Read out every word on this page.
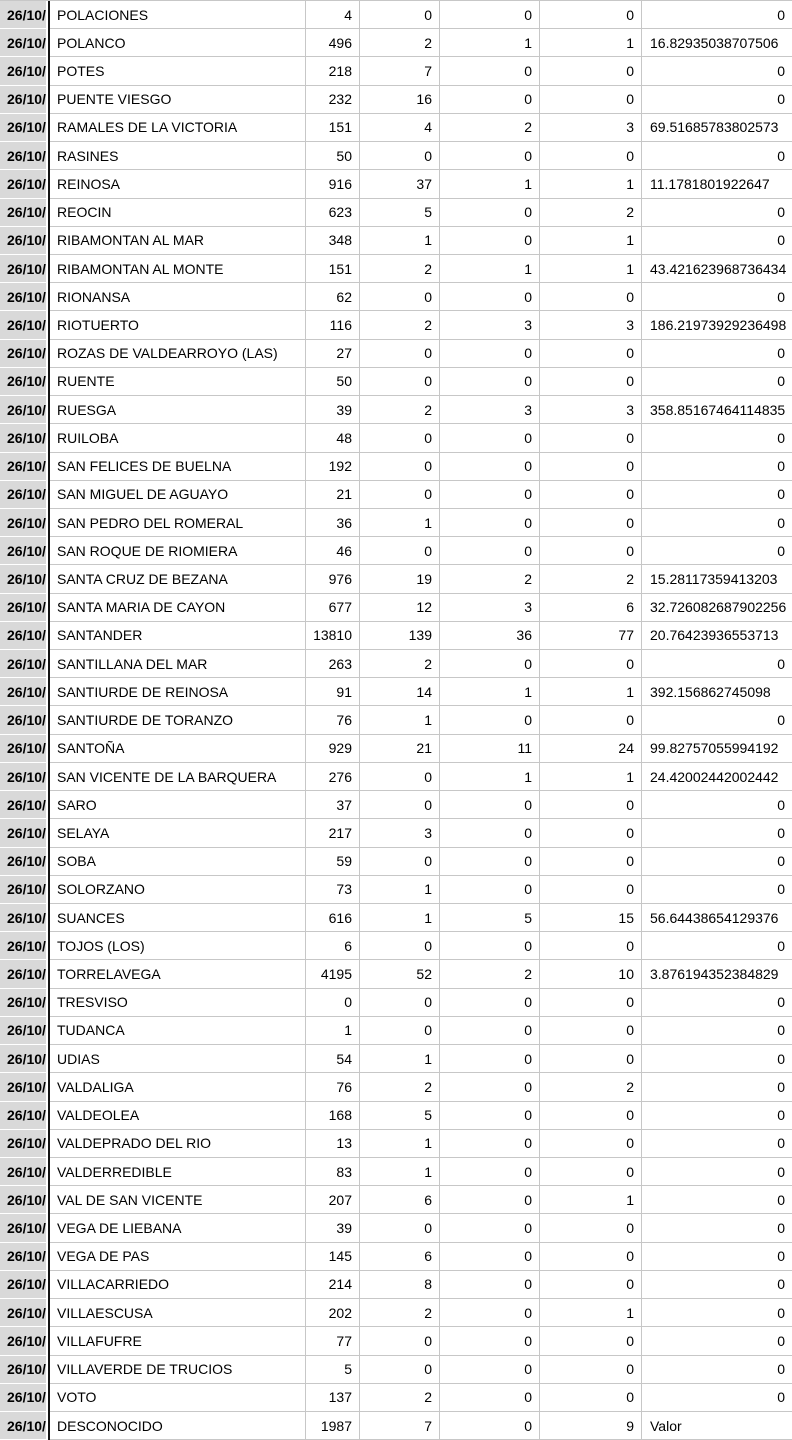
26/10/ POLACIONES	4	0	0	0	0
26/10/ POLANCO	496	2	1	1	16.82935038707506
26/10/ POTES	218	7	0	0	0
26/10/ PUENTE VIESGO	232	16	0	0	0
26/10/ RAMALES DE LA VICTORIA	151	4	2	3	69.51685783802573
26/10/ RASINES	50	0	0	0	0
26/10/ REINOSA	916	37	1	1	11.1781801922647
26/10/ REOCIN	623	5	0	2	0
26/10/ RIBAMONTAN AL MAR	348	1	0	1	0
26/10/ RIBAMONTAN AL MONTE	151	2	1	1	43.421623968736434
26/10/ RIONANSA	62	0	0	0	0
26/10/ RIOTUERTO	116	2	3	3	186.21973929236498
26/10/ ROZAS DE VALDEARROYO (LAS)	27	0	0	0	0
26/10/ RUENTE	50	0	0	0	0
26/10/ RUESGA	39	2	3	3	358.85167464114835
26/10/ RUILOBA	48	0	0	0	0
26/10/ SAN FELICES DE BUELNA	192	0	0	0	0
26/10/ SAN MIGUEL DE AGUAYO	21	0	0	0	0
26/10/ SAN PEDRO DEL ROMERAL	36	1	0	0	0
26/10/ SAN ROQUE DE RIOMIERA	46	0	0	0	0
26/10/ SANTA CRUZ DE BEZANA	976	19	2	2	15.28117359413203
26/10/ SANTA MARIA DE CAYON	677	12	3	6	32.726082687902256
26/10/ SANTANDER	13810	139	36	77	20.76423936553713
26/10/ SANTILLANA DEL MAR	263	2	0	0	0
26/10/ SANTIURDE DE REINOSA	91	14	1	1	392.156862745098
26/10/ SANTIURDE DE TORANZO	76	1	0	0	0
26/10/ SANTOÑA	929	21	11	24	99.82757055994192
26/10/ SAN VICENTE DE LA BARQUERA	276	0	1	1	24.42002442002442
26/10/ SARO	37	0	0	0	0
26/10/ SELAYA	217	3	0	0	0
26/10/ SOBA	59	0	0	0	0
26/10/ SOLORZANO	73	1	0	0	0
26/10/ SUANCES	616	1	5	15	56.64438654129376
26/10/ TOJOS (LOS)	6	0	0	0	0
26/10/ TORRELAVEGA	4195	52	2	10	3.876194352384829
26/10/ TRESVISO	0	0	0	0	0
26/10/ TUDANCA	1	0	0	0	0
26/10/ UDIAS	54	1	0	0	0
26/10/ VALDALIGA	76	2	0	2	0
26/10/ VALDEOLEA	168	5	0	0	0
26/10/ VALDEPRADO DEL RIO	13	1	0	0	0
26/10/ VALDERREDIBLE	83	1	0	0	0
26/10/ VAL DE SAN VICENTE	207	6	0	1	0
26/10/ VEGA DE LIEBANA	39	0	0	0	0
26/10/ VEGA DE PAS	145	6	0	0	0
26/10/ VILLACARRIEDO	214	8	0	0	0
26/10/ VILLAESCUSA	202	2	0	1	0
26/10/ VILLAFUFRE	77	0	0	0	0
26/10/ VILLAVERDE DE TRUCIOS	5	0	0	0	0
26/10/ VOTO	137	2	0	0	0
26/10/ DESCONOCIDO	1987	7	0	9	Valor
